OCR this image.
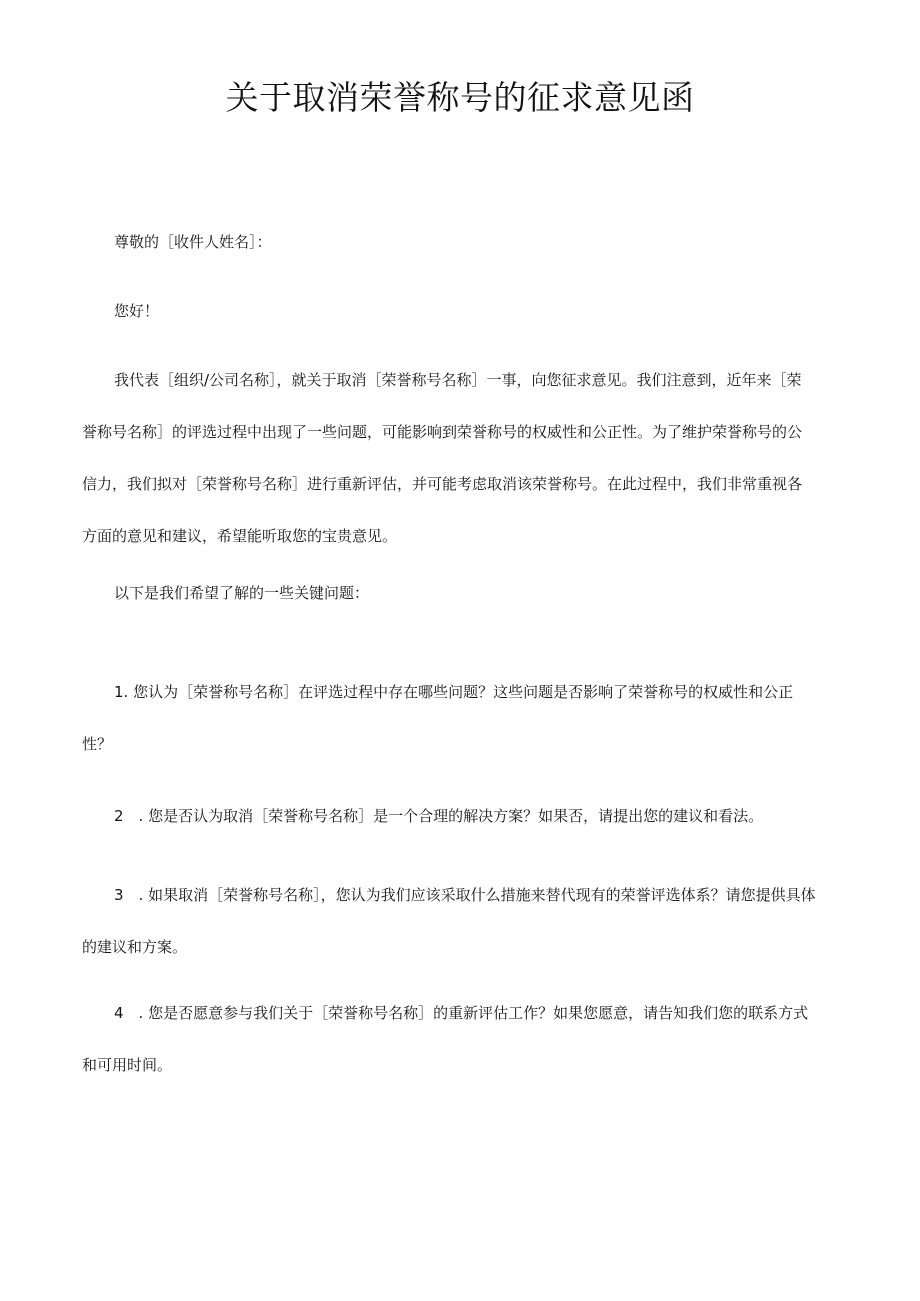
关于取消荣誉称号的征求意见函

尊敬的［收件人姓名］：

您好！

我代表［组织/公司名称］，就关于取消［荣誉称号名称］一事，向您征求意见。我们注意到，近年来［荣
誉称号名称］的评选过程中出现了一些问题，可能影响到荣誉称号的权威性和公正性。为了维护荣誉称号的公
信力，我们拟对［荣誉称号名称］进行重新评估，并可能考虑取消该荣誉称号。在此过程中，我们非常重视各
方面的意见和建议，希望能听取您的宝贵意见。

以下是我们希望了解的一些关键问题：

1. 您认为［荣誉称号名称］在评选过程中存在哪些问题？这些问题是否影响了荣誉称号的权威性和公正
性？

2　. 您是否认为取消［荣誉称号名称］是一个合理的解决方案？如果否，请提出您的建议和看法。

3　. 如果取消［荣誉称号名称］，您认为我们应该采取什么措施来替代现有的荣誉评选体系？请您提供具体
的建议和方案。

4　. 您是否愿意参与我们关于［荣誉称号名称］的重新评估工作？如果您愿意，请告知我们您的联系方式
和可用时间。
